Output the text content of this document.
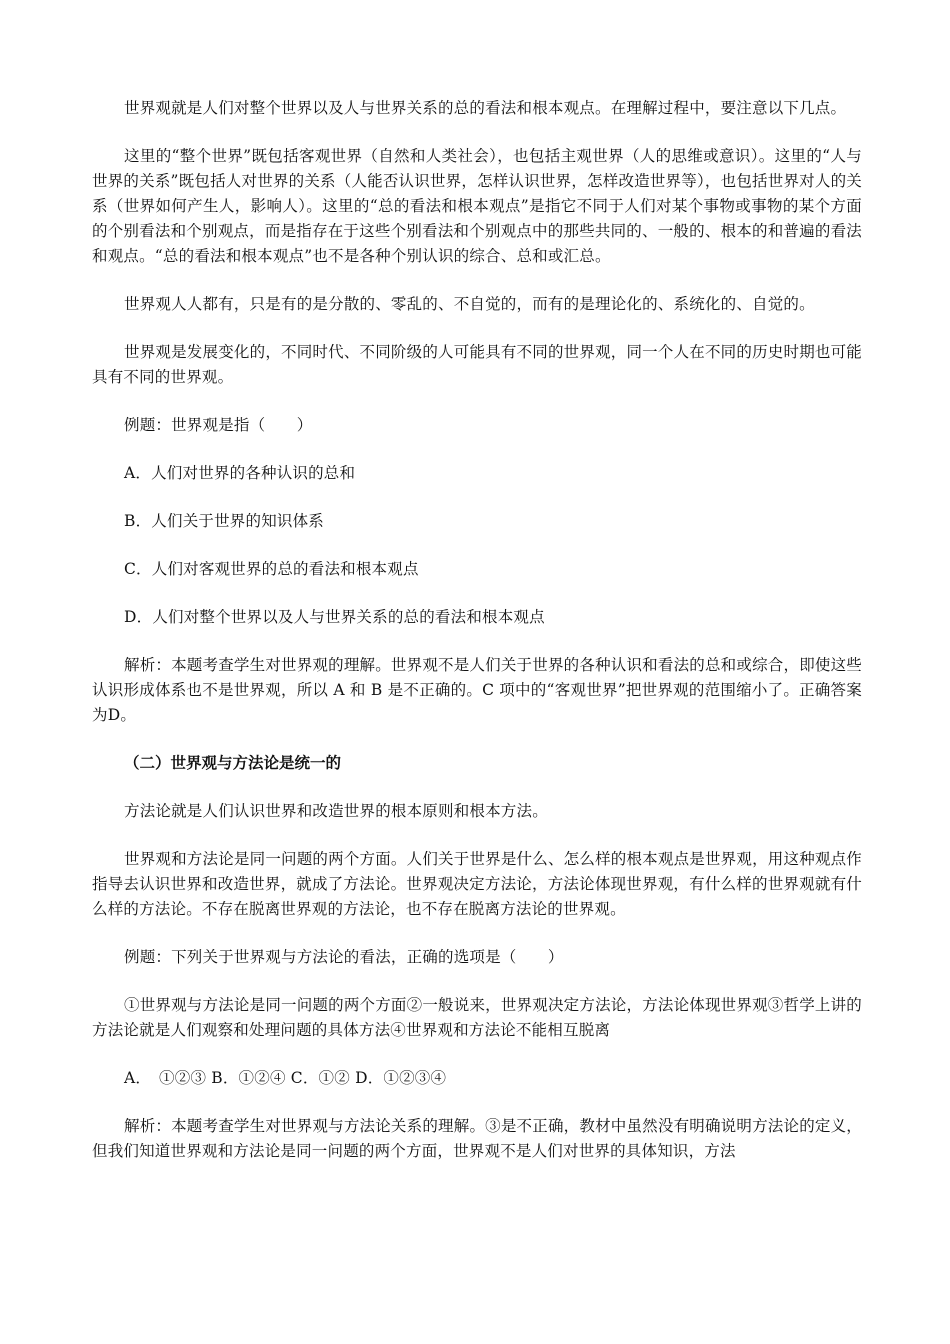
世界观就是人们对整个世界以及人与世界关系的总的看法和根本观点。在理解过程中，要注意以下几点。

这里的“整个世界”既包括客观世界（自然和人类社会），也包括主观世界（人的思维或意识）。这里的“人与世界的关系”既包括人对世界的关系（人能否认识世界，怎样认识世界，怎样改造世界等），也包括世界对人的关系（世界如何产生人，影响人）。这里的“总的看法和根本观点”是指它不同于人们对某个事物或事物的某个方面的个别看法和个别观点，而是指存在于这些个别看法和个别观点中的那些共同的、一般的、根本的和普遍的看法和观点。“总的看法和根本观点”也不是各种个别认识的综合、总和或汇总。

世界观人人都有，只是有的是分散的、零乱的、不自觉的，而有的是理论化的、系统化的、自觉的。

世界观是发展变化的，不同时代、不同阶级的人可能具有不同的世界观，同一个人在不同的历史时期也可能具有不同的世界观。

例题：世界观是指（　　）

A．人们对世界的各种认识的总和

B．人们关于世界的知识体系

C．人们对客观世界的总的看法和根本观点

D．人们对整个世界以及人与世界关系的总的看法和根本观点

解析：本题考查学生对世界观的理解。世界观不是人们关于世界的各种认识和看法的总和或综合，即使这些认识形成体系也不是世界观，所以 A 和 B 是不正确的。C 项中的“客观世界”把世界观的范围缩小了。正确答案为D。

（二）世界观与方法论是统一的

方法论就是人们认识世界和改造世界的根本原则和根本方法。

世界观和方法论是同一问题的两个方面。人们关于世界是什么、怎么样的根本观点是世界观，用这种观点作指导去认识世界和改造世界，就成了方法论。世界观决定方法论，方法论体现世界观，有什么样的世界观就有什么样的方法论。不存在脱离世界观的方法论，也不存在脱离方法论的世界观。

例题：下列关于世界观与方法论的看法，正确的选项是（　　）

①世界观与方法论是同一问题的两个方面②一般说来，世界观决定方法论，方法论体现世界观③哲学上讲的方法论就是人们观察和处理问题的具体方法④世界观和方法论不能相互脱离

A．　①②③ B．①②④ C．①② D．①②③④

解析：本题考查学生对世界观与方法论关系的理解。③是不正确，教材中虽然没有明确说明方法论的定义，但我们知道世界观和方法论是同一问题的两个方面，世界观不是人们对世界的具体知识，方法
